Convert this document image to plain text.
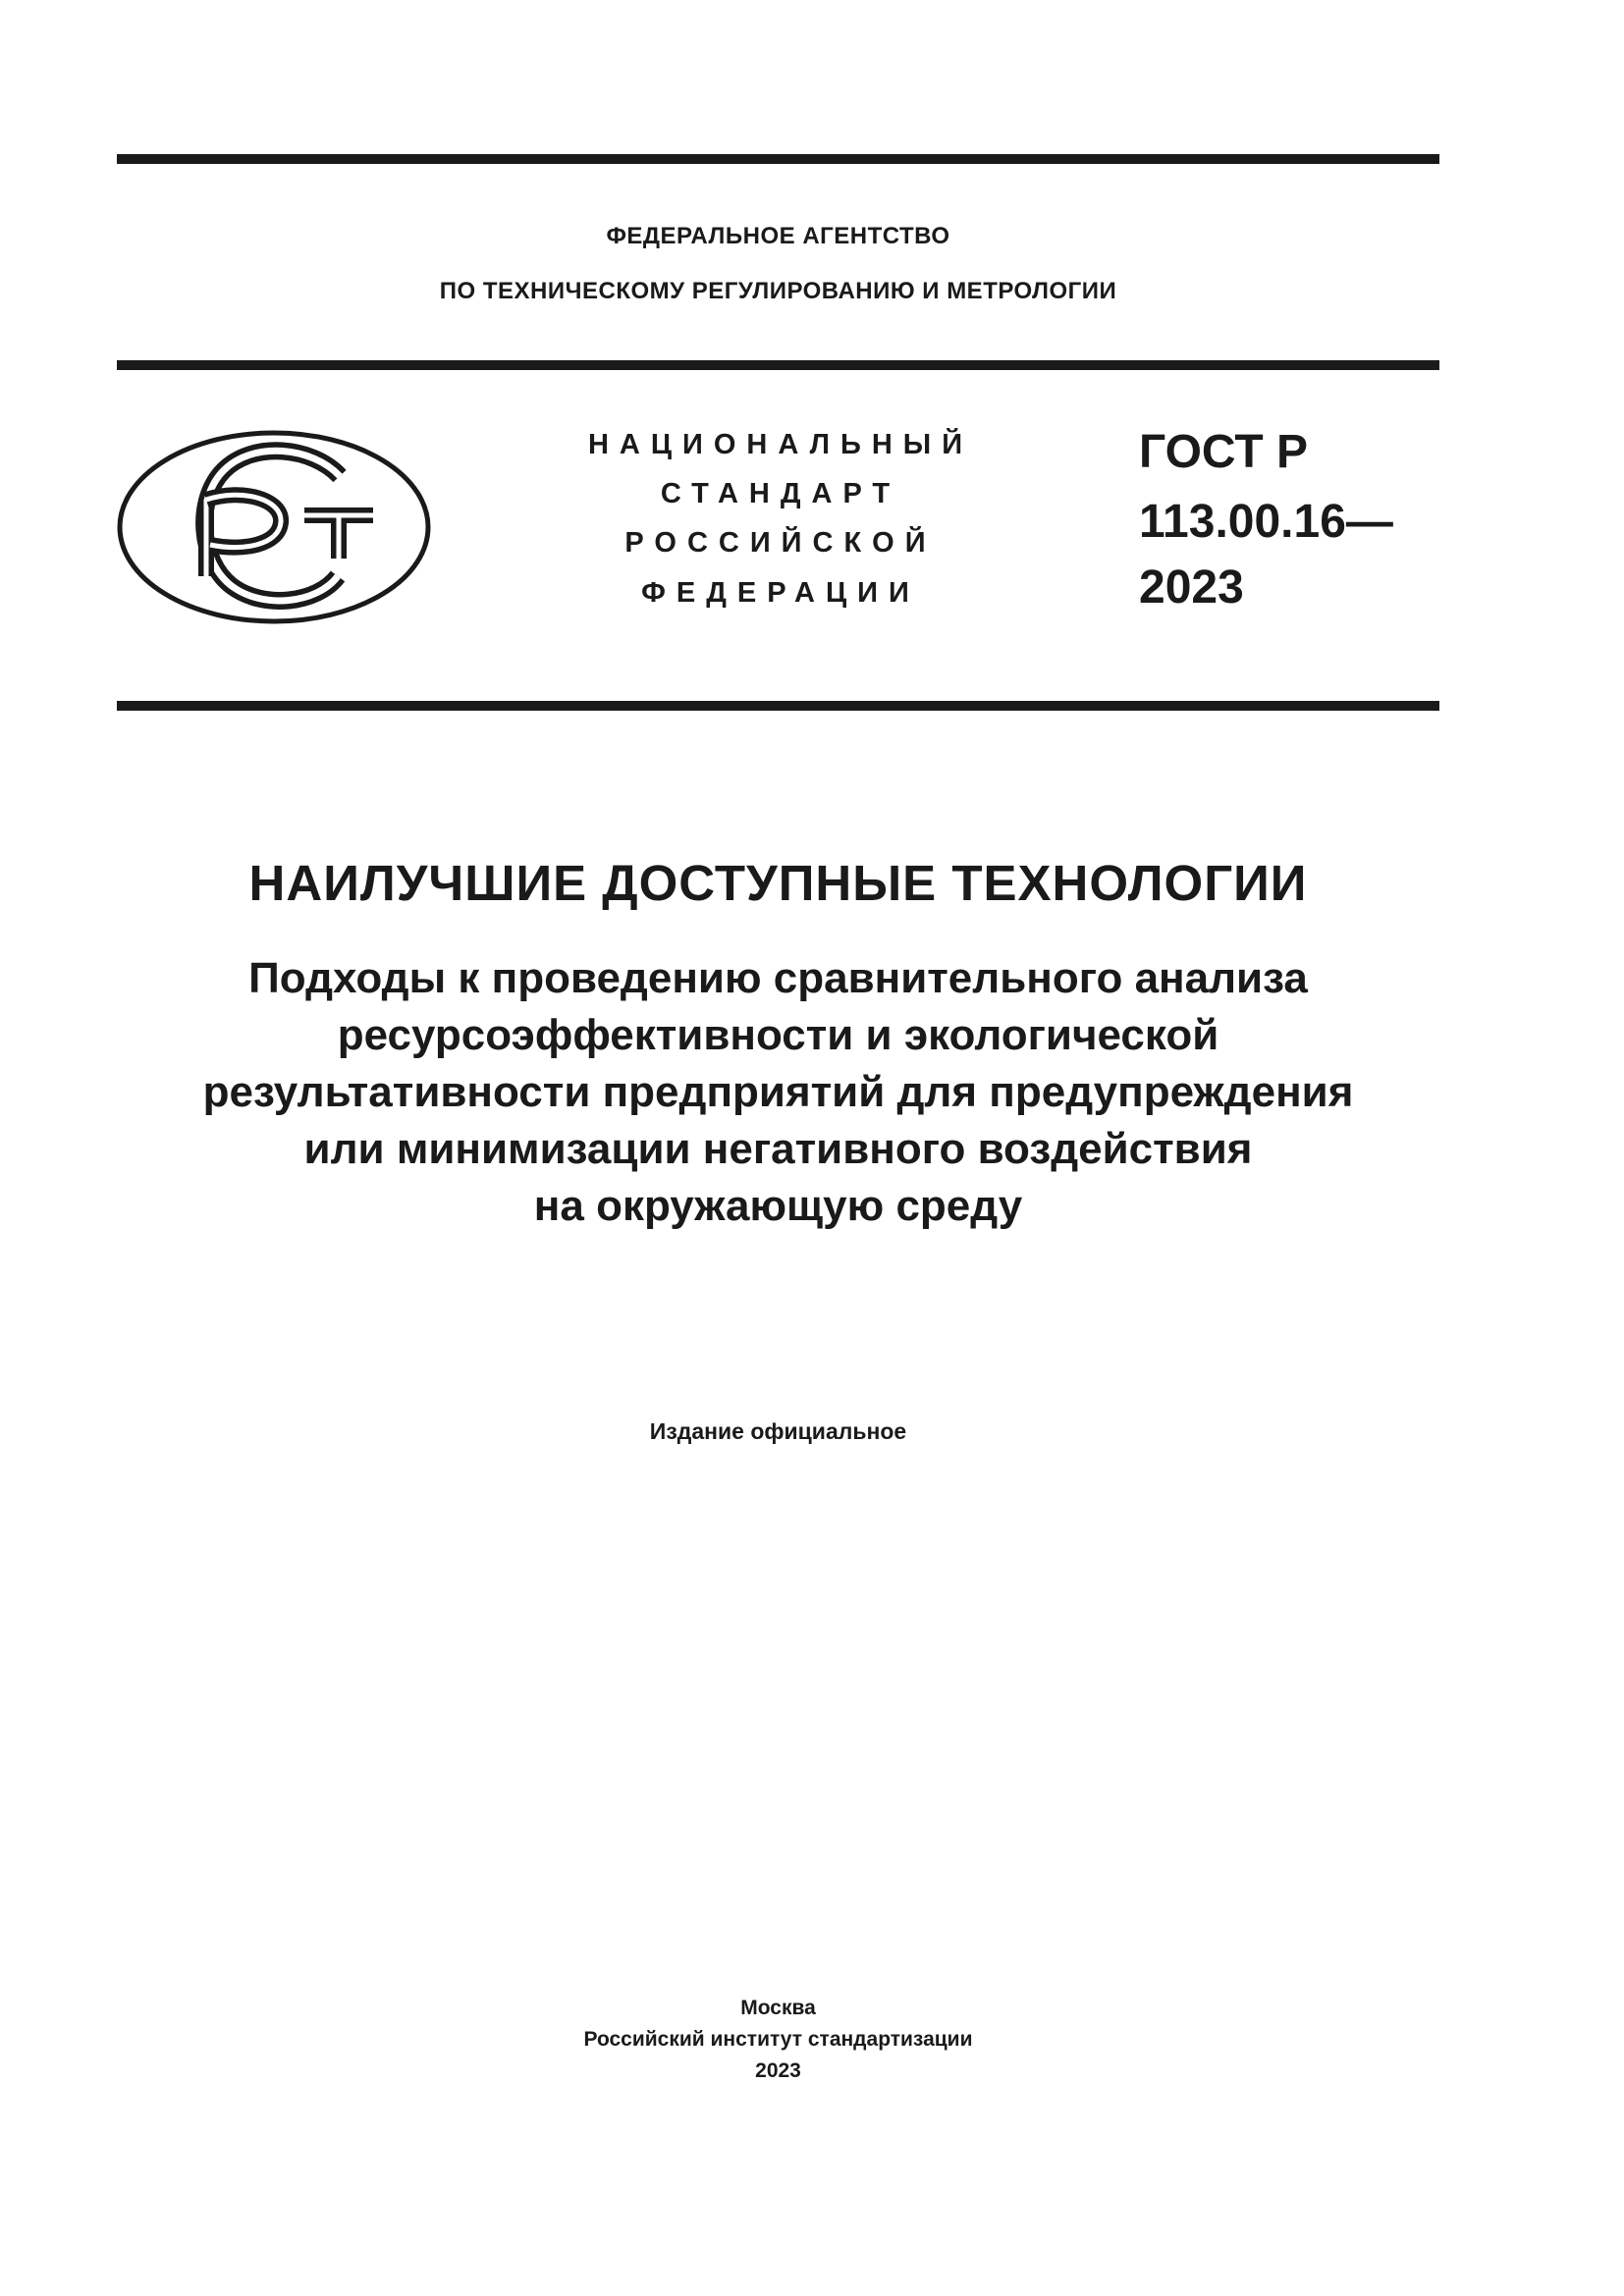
ФЕДЕРАЛЬНОЕ АГЕНТСТВО
ПО ТЕХНИЧЕСКОМУ РЕГУЛИРОВАНИЮ И МЕТРОЛОГИИ
НАЦИОНАЛЬНЫЙ
СТАНДАРТ
РОССИЙСКОЙ
ФЕДЕРАЦИИ
ГОСТ Р
113.00.16—
2023
НАИЛУЧШИЕ ДОСТУПНЫЕ ТЕХНОЛОГИИ
Подходы к проведению сравнительного анализа
ресурсоэффективности и экологической
результативности предприятий для предупреждения
или минимизации негативного воздействия
на окружающую среду
Издание официальное
Москва
Российский институт стандартизации
2023
